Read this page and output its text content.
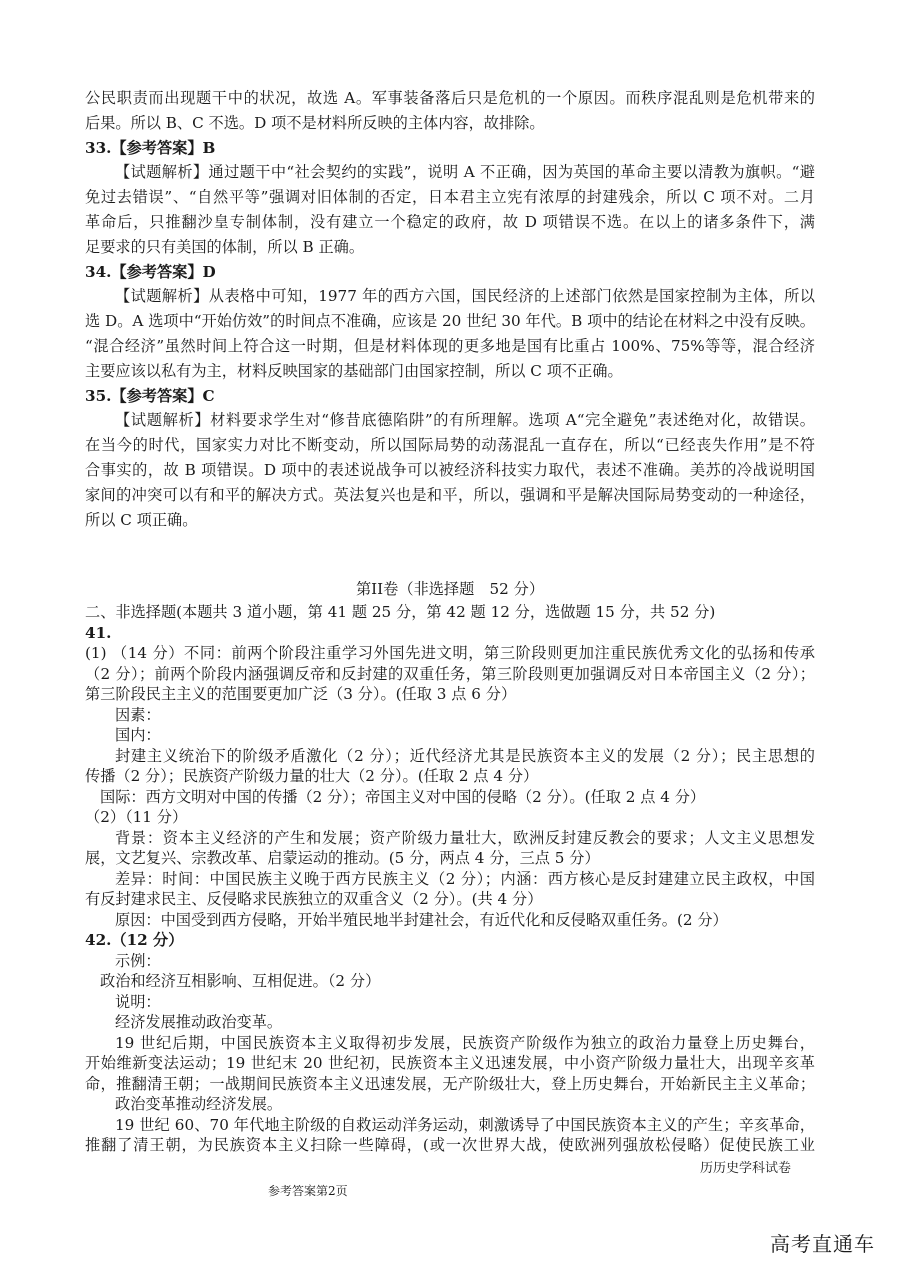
公民职责而出现题干中的状况，故选 A。军事装备落后只是危机的一个原因。而秩序混乱则是危机带来的
后果。所以 B、C 不选。D 项不是材料所反映的主体内容，故排除。
33.【参考答案】B
【试题解析】通过题干中“社会契约的实践”，说明 A 不正确，因为英国的革命主要以清教为旗帜。“避
免过去错误”、“自然平等”强调对旧体制的否定，日本君主立宪有浓厚的封建残余，所以 C 项不对。二月
革命后，只推翻沙皇专制体制，没有建立一个稳定的政府，故 D 项错误不选。在以上的诸多条件下，满
足要求的只有美国的体制，所以 B 正确。
34.【参考答案】D
【试题解析】从表格中可知，1977 年的西方六国，国民经济的上述部门依然是国家控制为主体，所以
选 D。A 选项中“开始仿效”的时间点不准确，应该是 20 世纪 30 年代。B 项中的结论在材料之中没有反映。
“混合经济”虽然时间上符合这一时期，但是材料体现的更多地是国有比重占 100%、75%等等，混合经济
主要应该以私有为主，材料反映国家的基础部门由国家控制，所以 C 项不正确。
35.【参考答案】C
【试题解析】材料要求学生对“修昔底德陷阱”的有所理解。选项 A“完全避免”表述绝对化，故错误。
在当今的时代，国家实力对比不断变动，所以国际局势的动荡混乱一直存在，所以“已经丧失作用”是不符
合事实的，故 B 项错误。D 项中的表述说战争可以被经济科技实力取代，表述不准确。美苏的冷战说明国
家间的冲突可以有和平的解决方式。英法复兴也是和平，所以，强调和平是解决国际局势变动的一种途径，
所以 C 项正确。
第II卷（非选择题　52 分）
二、非选择题(本题共 3 道小题，第 41 题 25 分，第 42 题 12 分，选做题 15 分，共 52 分)
41.
(1) （14 分）不同：前两个阶段注重学习外国先进文明，第三阶段则更加注重民族优秀文化的弘扬和传承
（2 分）；前两个阶段内涵强调反帝和反封建的双重任务，第三阶段则更加强调反对日本帝国主义（2 分）；
第三阶段民主主义的范围要更加广泛（3 分）。(任取 3 点 6 分）
因素：
国内：
封建主义统治下的阶级矛盾激化（2 分）；近代经济尤其是民族资本主义的发展（2 分）；民主思想的
传播（2 分）；民族资产阶级力量的壮大（2 分）。(任取 2 点 4 分）
国际：西方文明对中国的传播（2 分）；帝国主义对中国的侵略（2 分）。(任取 2 点 4 分）
（2）（11 分）
背景：资本主义经济的产生和发展；资产阶级力量壮大，欧洲反封建反教会的要求；人文主义思想发
展，文艺复兴、宗教改革、启蒙运动的推动。(5 分，两点 4 分，三点 5 分）
差异：时间：中国民族主义晚于西方民族主义（2 分）；内涵：西方核心是反封建建立民主政权，中国
有反封建求民主、反侵略求民族独立的双重含义（2 分）。(共 4 分）
原因：中国受到西方侵略，开始半殖民地半封建社会，有近代化和反侵略双重任务。(2 分）
42.（12 分）
示例：
政治和经济互相影响、互相促进。（2 分）
说明：
经济发展推动政治变革。
19 世纪后期，中国民族资本主义取得初步发展，民族资产阶级作为独立的政治力量登上历史舞台，
开始维新变法运动；19 世纪末 20 世纪初，民族资本主义迅速发展，中小资产阶级力量壮大，出现辛亥革
命，推翻清王朝；一战期间民族资本主义迅速发展，无产阶级壮大，登上历史舞台，开始新民主主义革命；
政治变革推动经济发展。
19 世纪 60、70 年代地主阶级的自救运动洋务运动，刺激诱导了中国民族资本主义的产生；辛亥革命，
推翻了清王朝，为民族资本主义扫除一些障碍，(或一次世界大战，使欧洲列强放松侵略）促使民族工业
历历史学科试卷
参考答案第2页
高考直通车
